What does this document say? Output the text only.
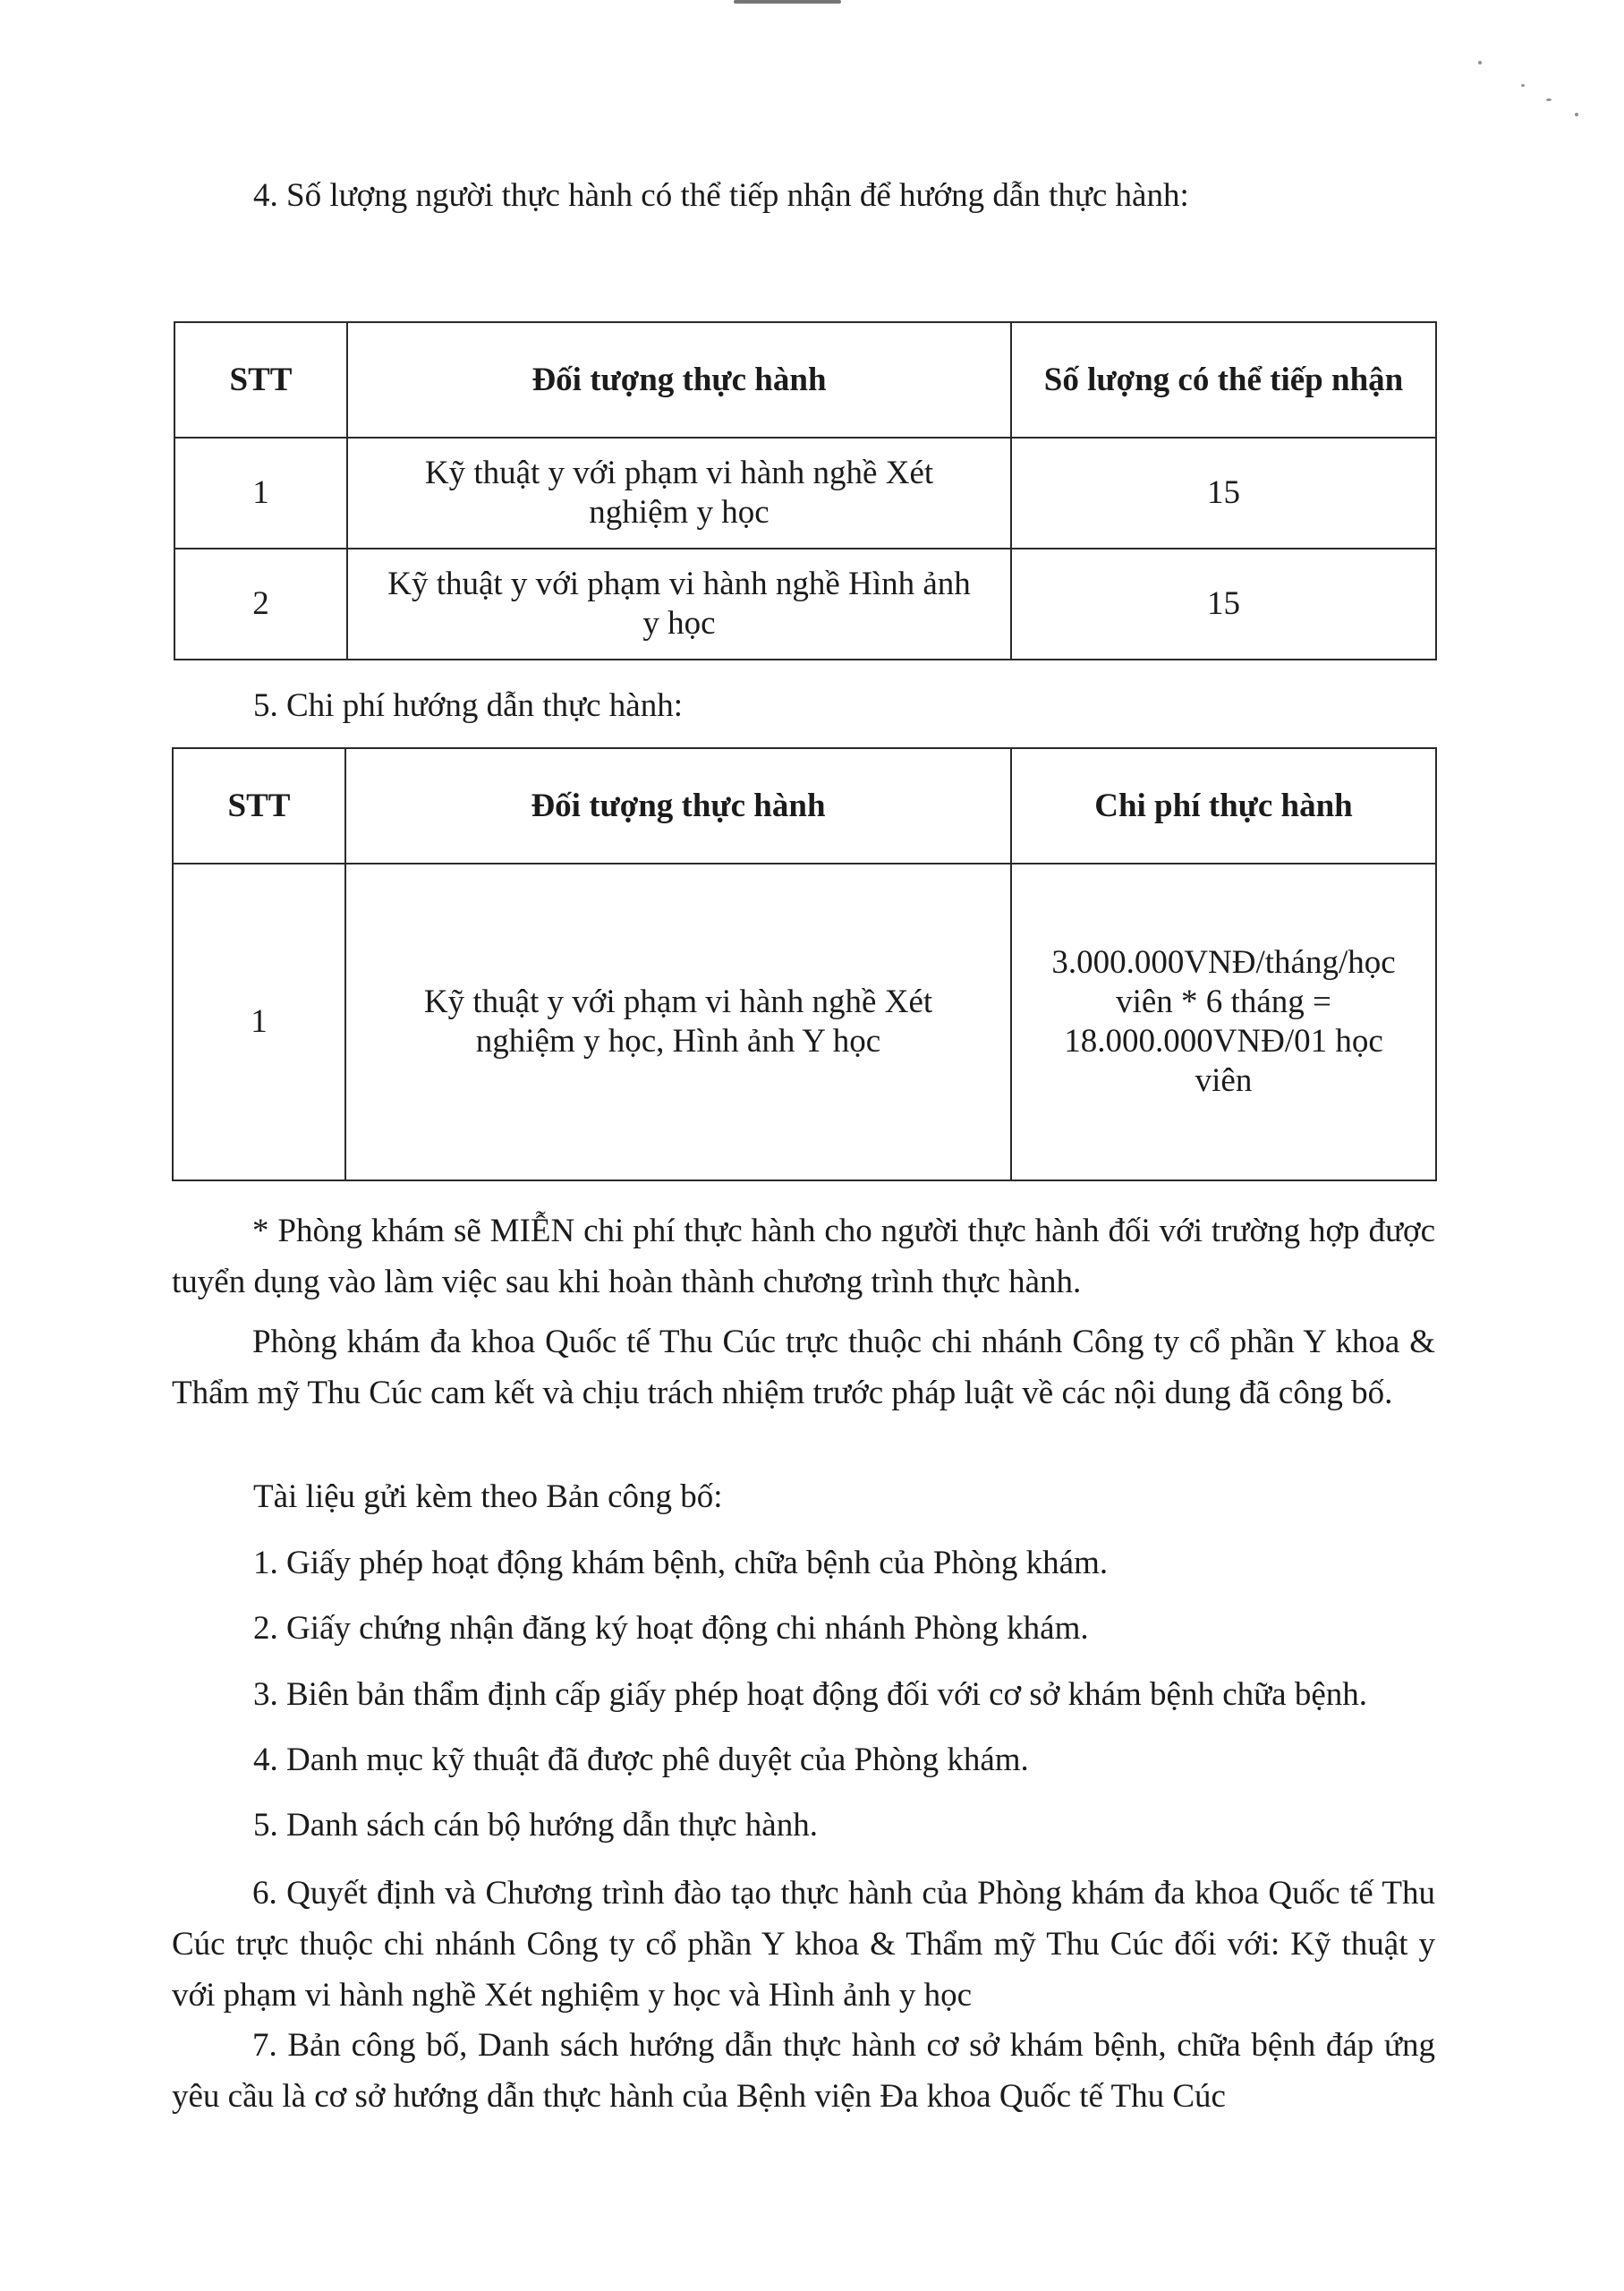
4. Số lượng người thực hành có thể tiếp nhận để hướng dẫn thực hành:

STT	Đối tượng thực hành	Số lượng có thể tiếp nhận
1	Kỹ thuật y với phạm vi hành nghề Xét nghiệm y học	15
2	Kỹ thuật y với phạm vi hành nghề Hình ảnh y học	15

5. Chi phí hướng dẫn thực hành:

STT	Đối tượng thực hành	Chi phí thực hành
1	Kỹ thuật y với phạm vi hành nghề Xét nghiệm y học, Hình ảnh Y học	3.000.000VNĐ/tháng/học viên * 6 tháng = 18.000.000VNĐ/01 học viên

* Phòng khám sẽ MIỄN chi phí thực hành cho người thực hành đối với trường hợp được tuyển dụng vào làm việc sau khi hoàn thành chương trình thực hành.

Phòng khám đa khoa Quốc tế Thu Cúc trực thuộc chi nhánh Công ty cổ phần Y khoa & Thẩm mỹ Thu Cúc cam kết và chịu trách nhiệm trước pháp luật về các nội dung đã công bố.

Tài liệu gửi kèm theo Bản công bố:

1. Giấy phép hoạt động khám bệnh, chữa bệnh của Phòng khám.

2. Giấy chứng nhận đăng ký hoạt động chi nhánh Phòng khám.

3. Biên bản thẩm định cấp giấy phép hoạt động đối với cơ sở khám bệnh chữa bệnh.

4. Danh mục kỹ thuật đã được phê duyệt của Phòng khám.

5. Danh sách cán bộ hướng dẫn thực hành.

6. Quyết định và Chương trình đào tạo thực hành của Phòng khám đa khoa Quốc tế Thu Cúc trực thuộc chi nhánh Công ty cổ phần Y khoa & Thẩm mỹ Thu Cúc đối với: Kỹ thuật y với phạm vi hành nghề Xét nghiệm y học và Hình ảnh y học

7. Bản công bố, Danh sách hướng dẫn thực hành cơ sở khám bệnh, chữa bệnh đáp ứng yêu cầu là cơ sở hướng dẫn thực hành của Bệnh viện Đa khoa Quốc tế Thu Cúc
